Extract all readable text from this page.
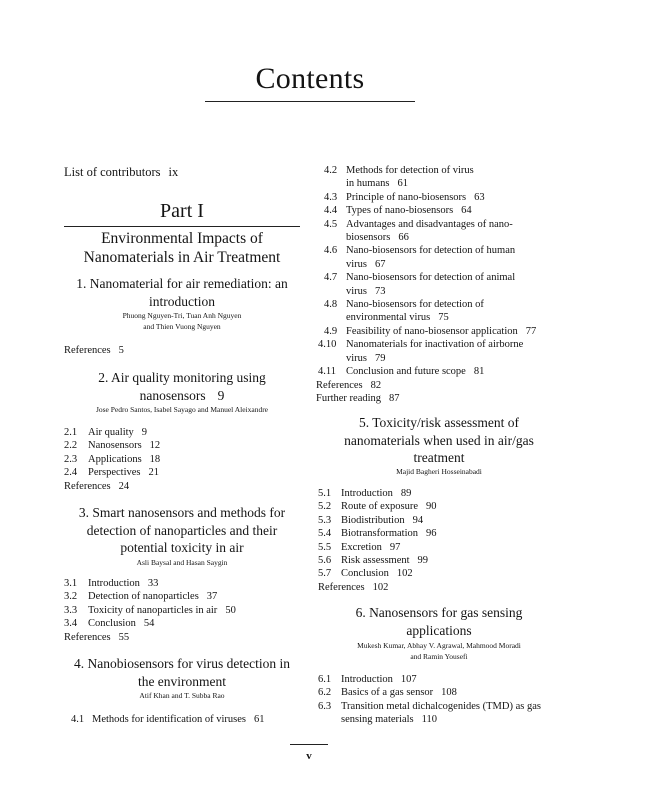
Contents
List of contributors ix
Part I
Environmental Impacts of
Nanomaterials in Air Treatment
1. Nanomaterial for air remediation: an
introduction
Phuong Nguyen-Tri, Tuan Anh Nguyen
and Thien Vuong Nguyen
References 5
2. Air quality monitoring using
nanosensors 9
Jose Pedro Santos, Isabel Sayago and Manuel Aleixandre
2.1	Air quality 9
2.2	Nanosensors 12
2.3	Applications 18
2.4	Perspectives 21
References 24
3. Smart nanosensors and methods for
detection of nanoparticles and their
potential toxicity in air
Asli Baysal and Hasan Saygin
3.1	Introduction 33
3.2	Detection of nanoparticles 37
3.3	Toxicity of nanoparticles in air 50
3.4	Conclusion 54
References 55
4. Nanobiosensors for virus detection in
the environment
Atif Khan and T. Subba Rao
4.1 Methods for identification of viruses 61
4.2 Methods for detection of virus
in humans 61
4.3 Principle of nano-biosensors 63
4.4 Types of nano-biosensors 64
4.5 Advantages and disadvantages of nano-
biosensors 66
4.6 Nano-biosensors for detection of human
virus 67
4.7 Nano-biosensors for detection of animal
virus 73
4.8 Nano-biosensors for detection of
environmental virus 75
4.9 Feasibility of nano-biosensor application 77
4.10 Nanomaterials for inactivation of airborne
virus 79
4.11 Conclusion and future scope 81
References 82
Further reading 87
5. Toxicity/risk assessment of
nanomaterials when used in air/gas
treatment
Majid Bagheri Hosseinabadi
5.1 Introduction 89
5.2 Route of exposure 90
5.3 Biodistribution 94
5.4 Biotransformation 96
5.5 Excretion 97
5.6 Risk assessment 99
5.7 Conclusion 102
References 102
6. Nanosensors for gas sensing
applications
Mukesh Kumar, Abhay V. Agrawal, Mahmood Moradi
and Ramin Yousefi
6.1 Introduction 107
6.2 Basics of a gas sensor 108
6.3 Transition metal dichalcogenides (TMD) as gas
sensing materials 110
v
